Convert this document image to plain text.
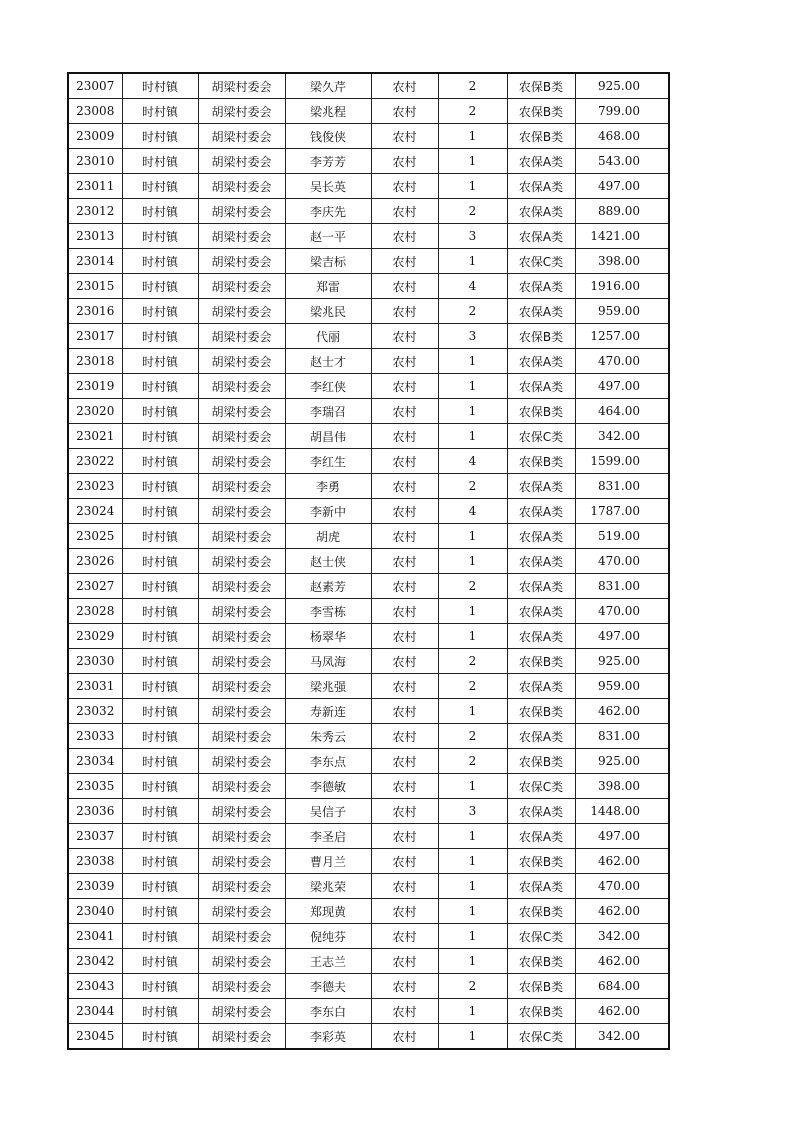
23007	时村镇	胡梁村委会	梁久芹	农村	2	农保B类	925.00
23008	时村镇	胡梁村委会	梁兆程	农村	2	农保B类	799.00
23009	时村镇	胡梁村委会	钱俊侠	农村	1	农保B类	468.00
23010	时村镇	胡梁村委会	李芳芳	农村	1	农保A类	543.00
23011	时村镇	胡梁村委会	吴长英	农村	1	农保A类	497.00
23012	时村镇	胡梁村委会	李庆先	农村	2	农保A类	889.00
23013	时村镇	胡梁村委会	赵一平	农村	3	农保A类	1421.00
23014	时村镇	胡梁村委会	梁吉标	农村	1	农保C类	398.00
23015	时村镇	胡梁村委会	郑雷	农村	4	农保A类	1916.00
23016	时村镇	胡梁村委会	梁兆民	农村	2	农保A类	959.00
23017	时村镇	胡梁村委会	代丽	农村	3	农保B类	1257.00
23018	时村镇	胡梁村委会	赵士才	农村	1	农保A类	470.00
23019	时村镇	胡梁村委会	李红侠	农村	1	农保A类	497.00
23020	时村镇	胡梁村委会	李瑞召	农村	1	农保B类	464.00
23021	时村镇	胡梁村委会	胡昌伟	农村	1	农保C类	342.00
23022	时村镇	胡梁村委会	李红生	农村	4	农保B类	1599.00
23023	时村镇	胡梁村委会	李勇	农村	2	农保A类	831.00
23024	时村镇	胡梁村委会	李新中	农村	4	农保A类	1787.00
23025	时村镇	胡梁村委会	胡虎	农村	1	农保A类	519.00
23026	时村镇	胡梁村委会	赵士侠	农村	1	农保A类	470.00
23027	时村镇	胡梁村委会	赵素芳	农村	2	农保A类	831.00
23028	时村镇	胡梁村委会	李雪栋	农村	1	农保A类	470.00
23029	时村镇	胡梁村委会	杨翠华	农村	1	农保A类	497.00
23030	时村镇	胡梁村委会	马凤海	农村	2	农保B类	925.00
23031	时村镇	胡梁村委会	梁兆强	农村	2	农保A类	959.00
23032	时村镇	胡梁村委会	寿新连	农村	1	农保B类	462.00
23033	时村镇	胡梁村委会	朱秀云	农村	2	农保A类	831.00
23034	时村镇	胡梁村委会	李东点	农村	2	农保B类	925.00
23035	时村镇	胡梁村委会	李德敏	农村	1	农保C类	398.00
23036	时村镇	胡梁村委会	吴信子	农村	3	农保A类	1448.00
23037	时村镇	胡梁村委会	李圣启	农村	1	农保A类	497.00
23038	时村镇	胡梁村委会	曹月兰	农村	1	农保B类	462.00
23039	时村镇	胡梁村委会	梁兆荣	农村	1	农保A类	470.00
23040	时村镇	胡梁村委会	郑现黄	农村	1	农保B类	462.00
23041	时村镇	胡梁村委会	倪纯芬	农村	1	农保C类	342.00
23042	时村镇	胡梁村委会	王志兰	农村	1	农保B类	462.00
23043	时村镇	胡梁村委会	李德夫	农村	2	农保B类	684.00
23044	时村镇	胡梁村委会	李东白	农村	1	农保B类	462.00
23045	时村镇	胡梁村委会	李彩英	农村	1	农保C类	342.00
